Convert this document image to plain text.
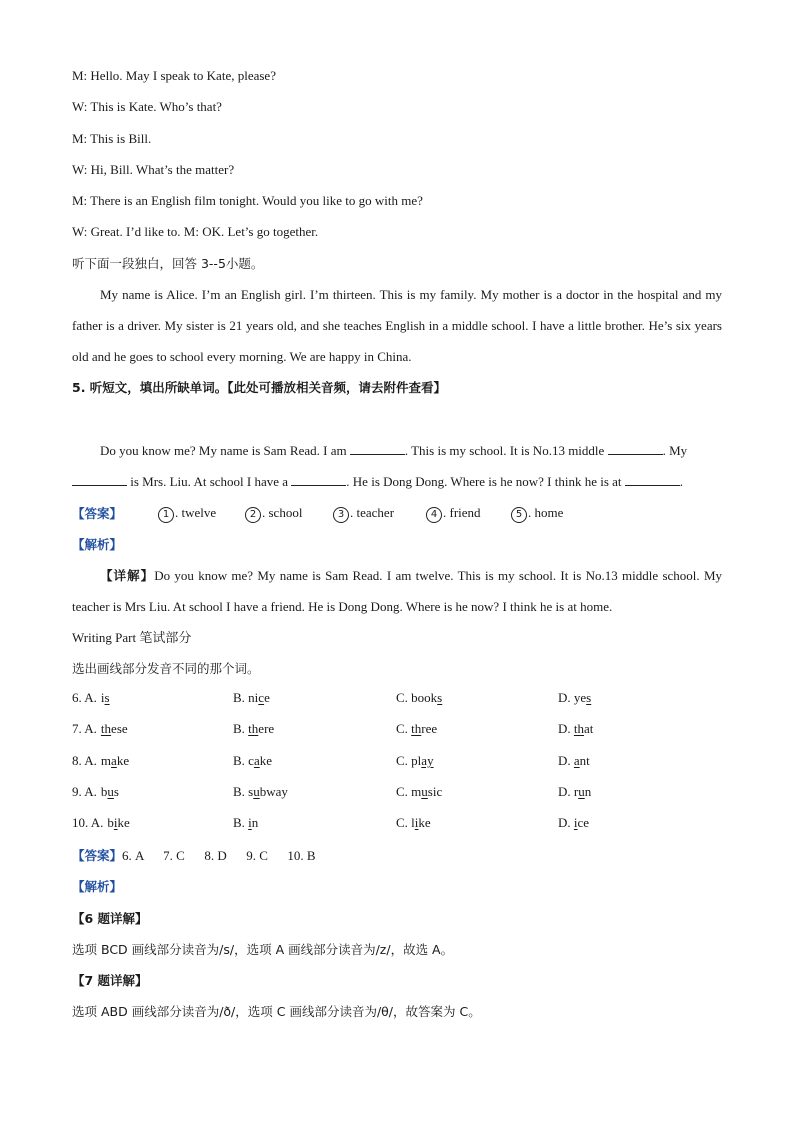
M: Hello. May I speak to Kate, please?
W: This is Kate. Who’s that?
M: This is Bill.
W: Hi, Bill. What’s the matter?
M: There is an English film tonight. Would you like to go with me?
W: Great. I’d like to. M: OK. Let’s go together.
听下面一段独白，回答 3--5小题。
My name is Alice. I’m an English girl. I’m thirteen. This is my family. My mother is a doctor in the hospital and my father is a driver. My sister is 21 years old, and she teaches English in a middle school. I have a little brother. He’s six years old and he goes to school every morning. We are happy in China.
5. 听短文，填出所缺单词。【此处可播放相关音频，请去附件查看】
Do you know me? My name is Sam Read. I am	. This is my school. It is No.13 middle	. My
is Mrs. Liu. At school I have a	. He is Dong Dong. Where is he now? I think he is at	.
【答案】	1 . twelve	2 . school	3 . teacher	4 . friend	5 . home
【解析】
【详解】Do you know me? My name is Sam Read. I am twelve. This is my school. It is No.13 middle school. My teacher is Mrs Liu. At school I have a friend. He is Dong Dong. Where is he now? I think he is at home.
Writing Part 笔试部分
选出画线部分发音不同的那个词。
6. A. is	B. nice	C. books	D. yes
7. A. these	B. there	C. three	D. that
8. A. make	B. cake	C. play	D. ant
9. A. bus	B. subway	C. music	D. run
10. A. bike	B. in	C. like	D. ice
【答案】6. A      7. C      8. D      9. C      10. B
【解析】
【6 题详解】
选项 BCD 画线部分读音为/s/，选项 A 画线部分读音为/z/，故选 A。
【7 题详解】
选项 ABD 画线部分读音为/ð/，选项 C 画线部分读音为/θ/，故答案为 C。
